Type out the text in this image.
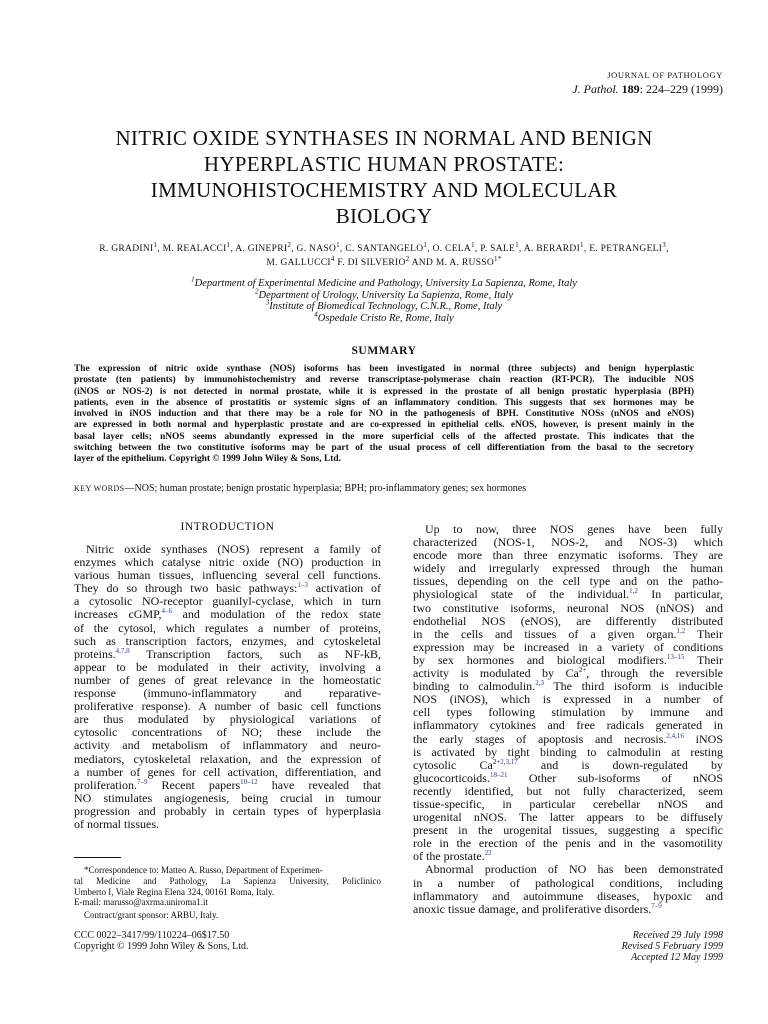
JOURNAL OF PATHOLOGY
J. Pathol. 189: 224–229 (1999)
NITRIC OXIDE SYNTHASES IN NORMAL AND BENIGN
HYPERPLASTIC HUMAN PROSTATE:
IMMUNOHISTOCHEMISTRY AND MOLECULAR
BIOLOGY
R. GRADINI$^1$, M. REALACCI$^1$, A. GINEPRI$^2$, G. NASO$^1$, C. SANTANGELO$^1$, O. CELA$^1$, P. SALE$^1$, A. BERARDI$^1$, E. PETRANGELI$^3$,
M. GALLUCCI$^4$ F. DI SILVERIO$^2$ AND M. A. $RUSSO^{1*}$
$^1$Department of Experimental Medicine and Pathology, University La Sapienza, Rome, Italy
$^2$Department of Urology, University La Sapienza, Rome, Italy
$^3$Institute of Biomedical Technology, C.N.R., Rome, Italy
$^4$Ospedale Cristo Re, Rome, Italy
SUMMARY
The expression of nitric oxide synthase (NOS) isoforms has been investigated in normal (three subjects) and benign hyperplastic
prostate (ten patients) by immunohistochemistry and reverse transcriptase-polymerase chain reaction (RT-PCR). The inducible NOS
(iNOS or NOS-2) is not detected in normal prostate, while it is expressed in the prostate of all benign prostatic hyperplasia (BPH)
patients, even in the absence of prostatitis or systemic signs of an inflammatory condition. This suggests that sex hormones may be
involved in iNOS induction and that there may be a role for NO in the pathogenesis of BPH. Constitutive NOSs (nNOS and eNOS)
are expressed in both normal and hyperplastic prostate and are co-expressed in epithelial cells. eNOS, however, is present mainly in the
basal layer cells; nNOS seems abundantly expressed in the more superficial cells of the affected prostate. This indicates that the
switching between the two constitutive isoforms may be part of the usual process of cell differentiation from the basal to the secretory
layer of the epithelium. Copyright © 1999 John Wiley & Sons, Ltd.
KEY WORDS—NOS; human prostate; benign prostatic hyperplasia; BPH; pro-inflammatory genes; sex hormones
INTRODUCTION
Nitric oxide synthases (NOS) represent a family of
enzymes which catalyse nitric oxide (NO) production in
various human tissues, influencing several cell functions.
They do so through two basic pathways:$^{1-3}$ activation of
a cytosolic NO-receptor guanilyl-cyclase, which in turn
increases cGMP,$^{4-6}$ and modulation of the redox state
of the cytosol, which regulates a number of proteins,
such as transcription factors, enzymes, and cytoskeletal
proteins.$^{4,7,8}$ Transcription factors, such as NF-kB,
appear to be modulated in their activity, involving a
number of genes of great relevance in the homeostatic
response (immuno-inflammatory and reparative-
proliferative response). A number of basic cell functions
are thus modulated by physiological variations of
cytosolic concentrations of NO; these include the
activity and metabolism of inflammatory and neuro-
mediators, cytoskeletal relaxation, and the expression of
a number of genes for cell activation, differentiation, and
proliferation.$^{7-9}$ Recent papers$^{10-12}$ have revealed that
NO stimulates angiogenesis, being crucial in tumour
progression and probably in certain types of hyperplasia
of normal tissues.
Up to now, three NOS genes have been fully
characterized (NOS-1, NOS-2, and NOS-3) which
encode more than three enzymatic isoforms. They are
widely and irregularly expressed through the human
tissues, depending on the cell type and on the patho-
physiological state of the individual.$^{1,2}$ In particular,
two constitutive isoforms, neuronal NOS (nNOS) and
endothelial NOS (eNOS), are differently distributed
in the cells and tissues of a given organ.$^{1,2}$ Their
expression may be increased in a variety of conditions
by sex hormones and biological modifiers.$^{13-15}$ Their
activity is modulated by $Ca^{2+}$, through the reversible
binding to calmodulin.$^{2,3}$ The third isoform is inducible
NOS (iNOS), which is expressed in a number of
cell types following stimulation by immune and
inflammatory cytokines and free radicals generated in
the early stages of apoptosis and necrosis.$^{2,4,16}$ iNOS
is activated by tight binding to calmodulin at resting
cytosolic $Ca^{2+2,3,17}$ and is down-regulated by
glucocorticoids.$^{18-21}$ Other sub-isoforms of nNOS
recently identified, but not fully characterized, seem
tissue-specific, in particular cerebellar nNOS and
urogenital nNOS. The latter appears to be diffusely
present in the urogenital tissues, suggesting a specific
role in the erection of the penis and in the vasomotility
of the prostate.$^{22}$
Abnormal production of NO has been demonstrated
in a number of pathological conditions, including
inflammatory and autoimmune diseases, hypoxic and
anoxic tissue damage, and proliferative disorders.$^{7-9}$
*Correspondence to: Matteo A. Russo, Department of Experimen-
tal Medicine and Pathology, La Sapienza University, Policlinico
Umberto I, Viale Regina Elena 324, 00161 Roma, Italy.
E-mail: marusso@axrma.uniroma1.it
Contract/grant sponsor: ARBU, Italy.
CCC 0022–3417/99/110224–06$17.50
Copyright © 1999 John Wiley & Sons, Ltd.
Received 29 July 1998
Revised 5 February 1999
Accepted 12 May 1999
